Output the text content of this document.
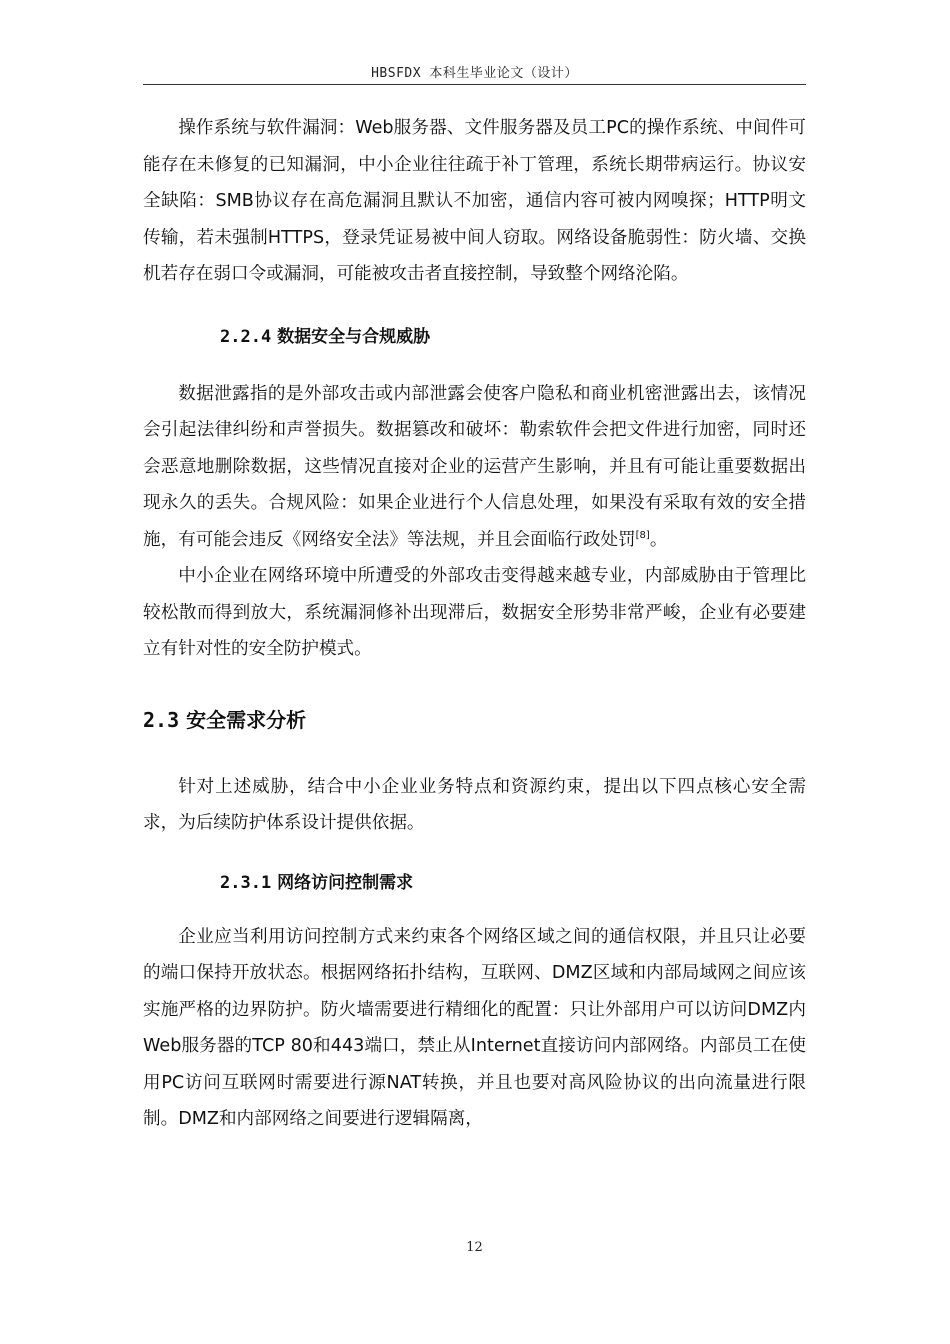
HBSFDX 本科生毕业论文（设计）

操作系统与软件漏洞：Web服务器、文件服务器及员工PC的操作系统、中间件可能存在未修复的已知漏洞，中小企业往往疏于补丁管理，系统长期带病运行。协议安全缺陷：SMB协议存在高危漏洞且默认不加密，通信内容可被内网嗅探；HTTP明文传输，若未强制HTTPS，登录凭证易被中间人窃取。网络设备脆弱性：防火墙、交换机若存在弱口令或漏洞，可能被攻击者直接控制，导致整个网络沦陷。

2.2.4 数据安全与合规威胁

数据泄露指的是外部攻击或内部泄露会使客户隐私和商业机密泄露出去，该情况会引起法律纠纷和声誉损失。数据篡改和破坏：勒索软件会把文件进行加密，同时还会恶意地删除数据，这些情况直接对企业的运营产生影响，并且有可能让重要数据出现永久的丢失。合规风险：如果企业进行个人信息处理，如果没有采取有效的安全措施，有可能会违反《网络安全法》等法规，并且会面临行政处罚[8]。

中小企业在网络环境中所遭受的外部攻击变得越来越专业，内部威胁由于管理比较松散而得到放大，系统漏洞修补出现滞后，数据安全形势非常严峻，企业有必要建立有针对性的安全防护模式。

2.3 安全需求分析

针对上述威胁，结合中小企业业务特点和资源约束，提出以下四点核心安全需求，为后续防护体系设计提供依据。

2.3.1 网络访问控制需求

企业应当利用访问控制方式来约束各个网络区域之间的通信权限，并且只让必要的端口保持开放状态。根据网络拓扑结构，互联网、DMZ区域和内部局域网之间应该实施严格的边界防护。防火墙需要进行精细化的配置：只让外部用户可以访问DMZ内Web服务器的TCP 80和443端口，禁止从Internet直接访问内部网络。内部员工在使用PC访问互联网时需要进行源NAT转换，并且也要对高风险协议的出向流量进行限制。DMZ和内部网络之间要进行逻辑隔离，

12
